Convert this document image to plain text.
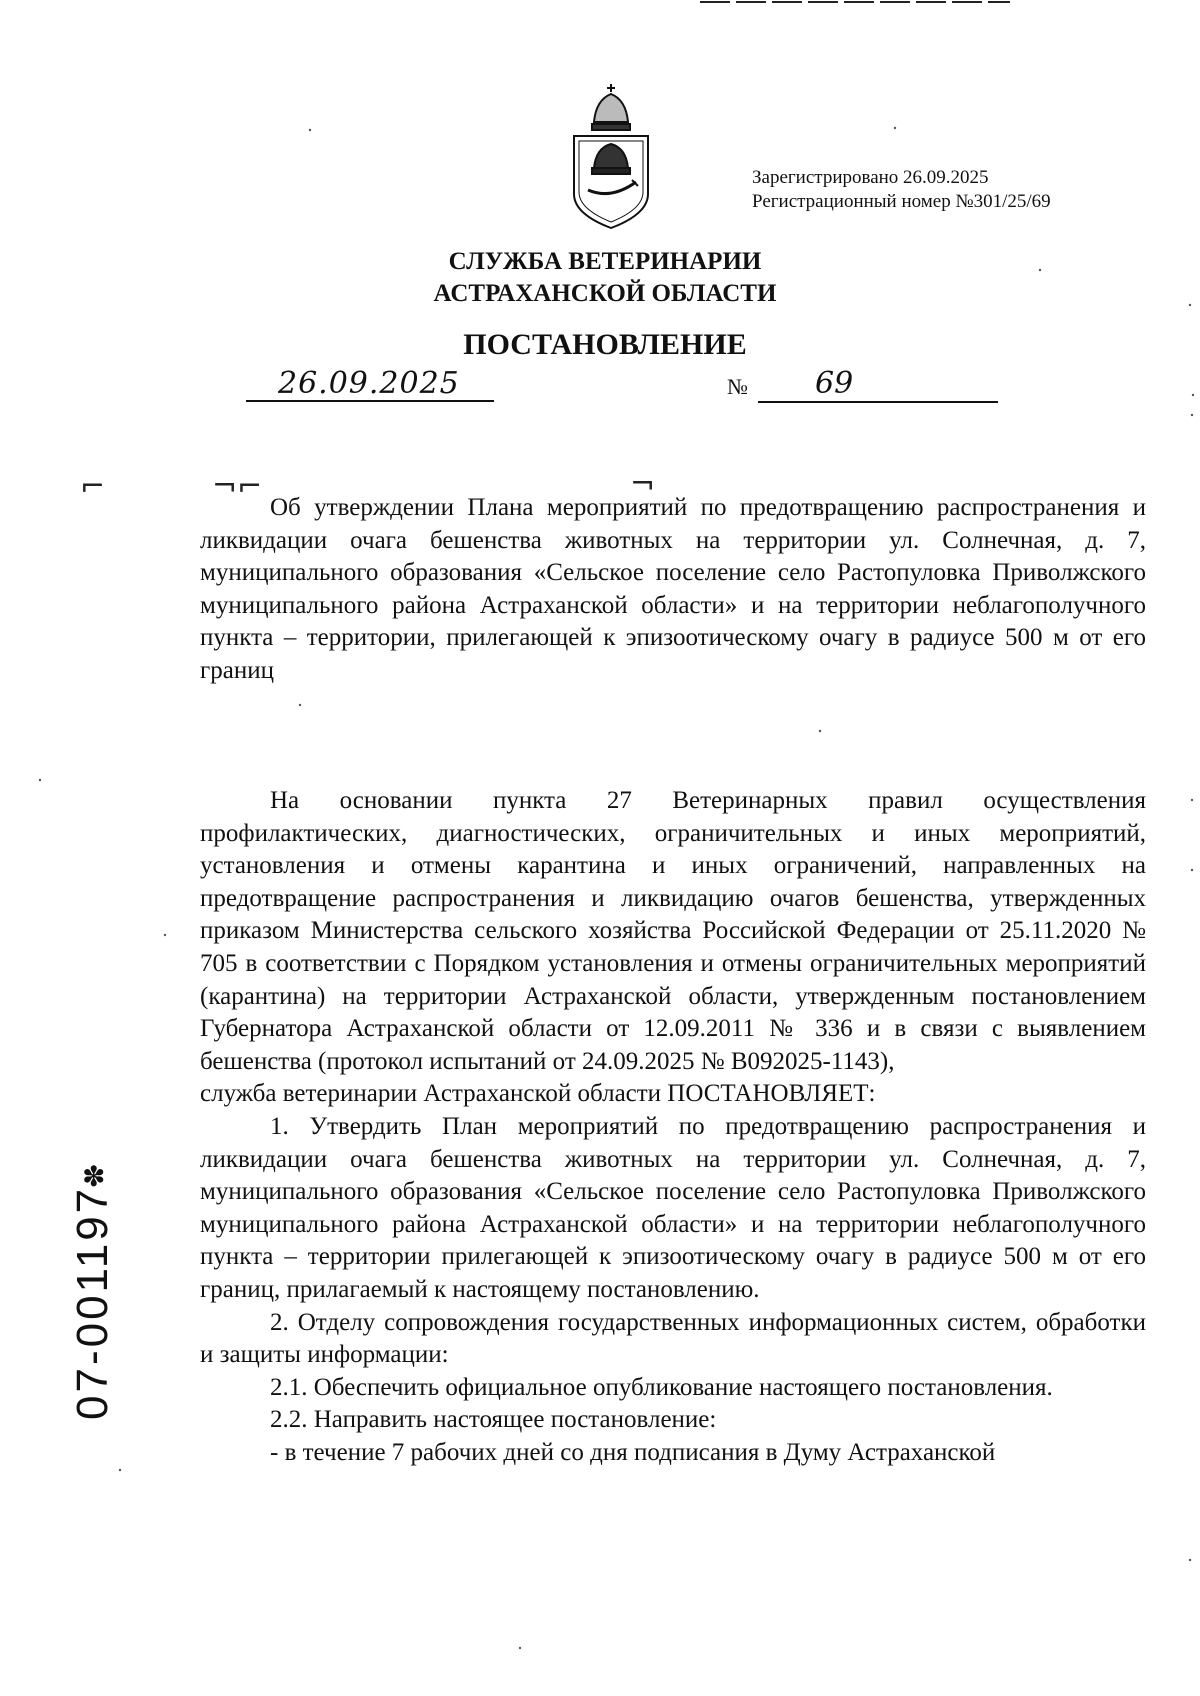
Зарегистрировано 26.09.2025
Регистрационный номер №301/25/69
СЛУЖБА ВЕТЕРИНАРИИ
АСТРАХАНСКОЙ ОБЛАСТИ
ПОСТАНОВЛЕНИЕ
26.09.2025	№ 69
⌐	¬⌐	¬

Об утверждении Плана мероприятий по предотвращению распространения и ликвидации очага бешенства животных на территории ул. Солнечная, д. 7, муниципального образования «Сельское поселение село Растопуловка Приволжского муниципального района Астраханской области» и на территории неблагополучного пункта – территории, прилегающей к эпизоотическому очагу в радиусе 500 м от его границ

На основании пункта 27 Ветеринарных правил осуществления профилактических, диагностических, ограничительных и иных мероприятий, установления и отмены карантина и иных ограничений, направленных на предотвращение распространения и ликвидацию очагов бешенства, утвержденных приказом Министерства сельского хозяйства Российской Федерации от 25.11.2020 № 705 в соответствии с Порядком установления и отмены ограничительных мероприятий (карантина) на территории Астраханской области, утвержденным постановлением Губернатора Астраханской области от 12.09.2011 № 336 и в связи с выявлением бешенства (протокол испытаний от 24.09.2025 № В092025-1143),

служба ветеринарии Астраханской области ПОСТАНОВЛЯЕТ:

1. Утвердить План мероприятий по предотвращению распространения и ликвидации очага бешенства животных на территории ул. Солнечная, д. 7, муниципального образования «Сельское поселение село Растопуловка Приволжского муниципального района Астраханской области» и на территории неблагополучного пункта – территории прилегающей к эпизоотическому очагу в радиусе 500 м от его границ, прилагаемый к настоящему постановлению.

2. Отделу сопровождения государственных информационных систем, обработки и защиты информации:

2.1. Обеспечить официальное опубликование настоящего постановления.

2.2. Направить настоящее постановление:

- в течение 7 рабочих дней со дня подписания в Думу Астраханской

✽
07-001197
